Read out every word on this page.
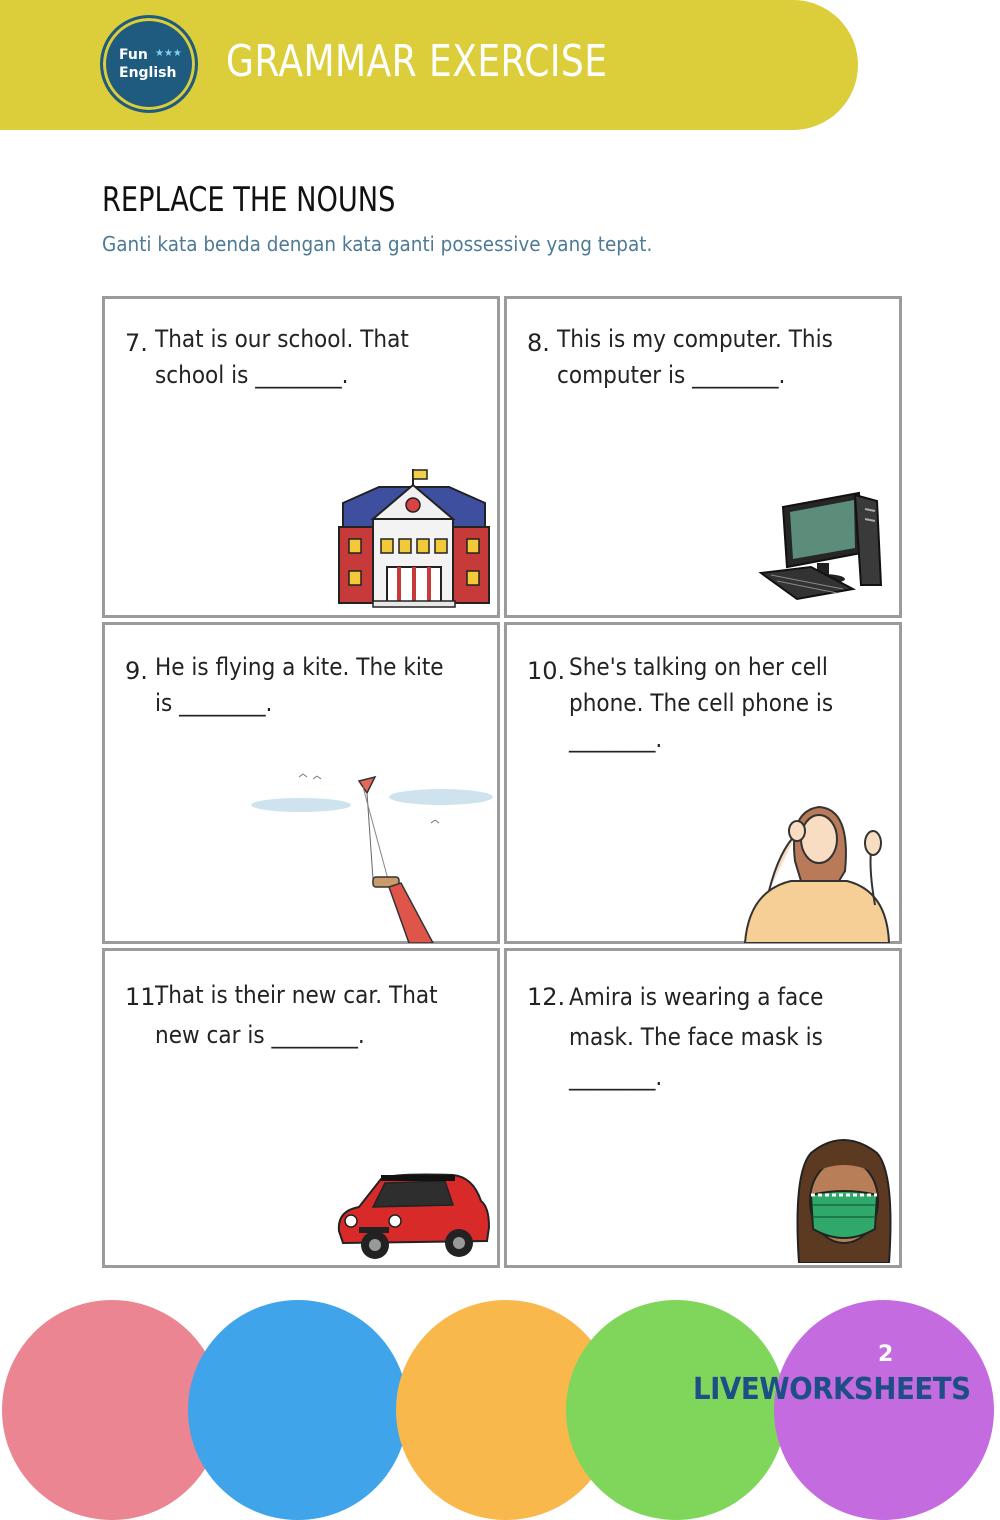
Fun ★★★
English GRAMMAR EXERCISE
REPLACE THE NOUNS
Ganti kata benda dengan kata ganti possessive yang tepat.
7. That is our school. That
school is ________.
8. This is my computer. This
computer is ________.
9. He is flying a kite. The kite
is ________.
10. She's talking on her cell
phone. The cell phone is
________.
11.
That is their new car. That
new car is ________.
12. Amira is wearing a face
mask. The face mask is
________.
2
LIVEWORKSHEETS
